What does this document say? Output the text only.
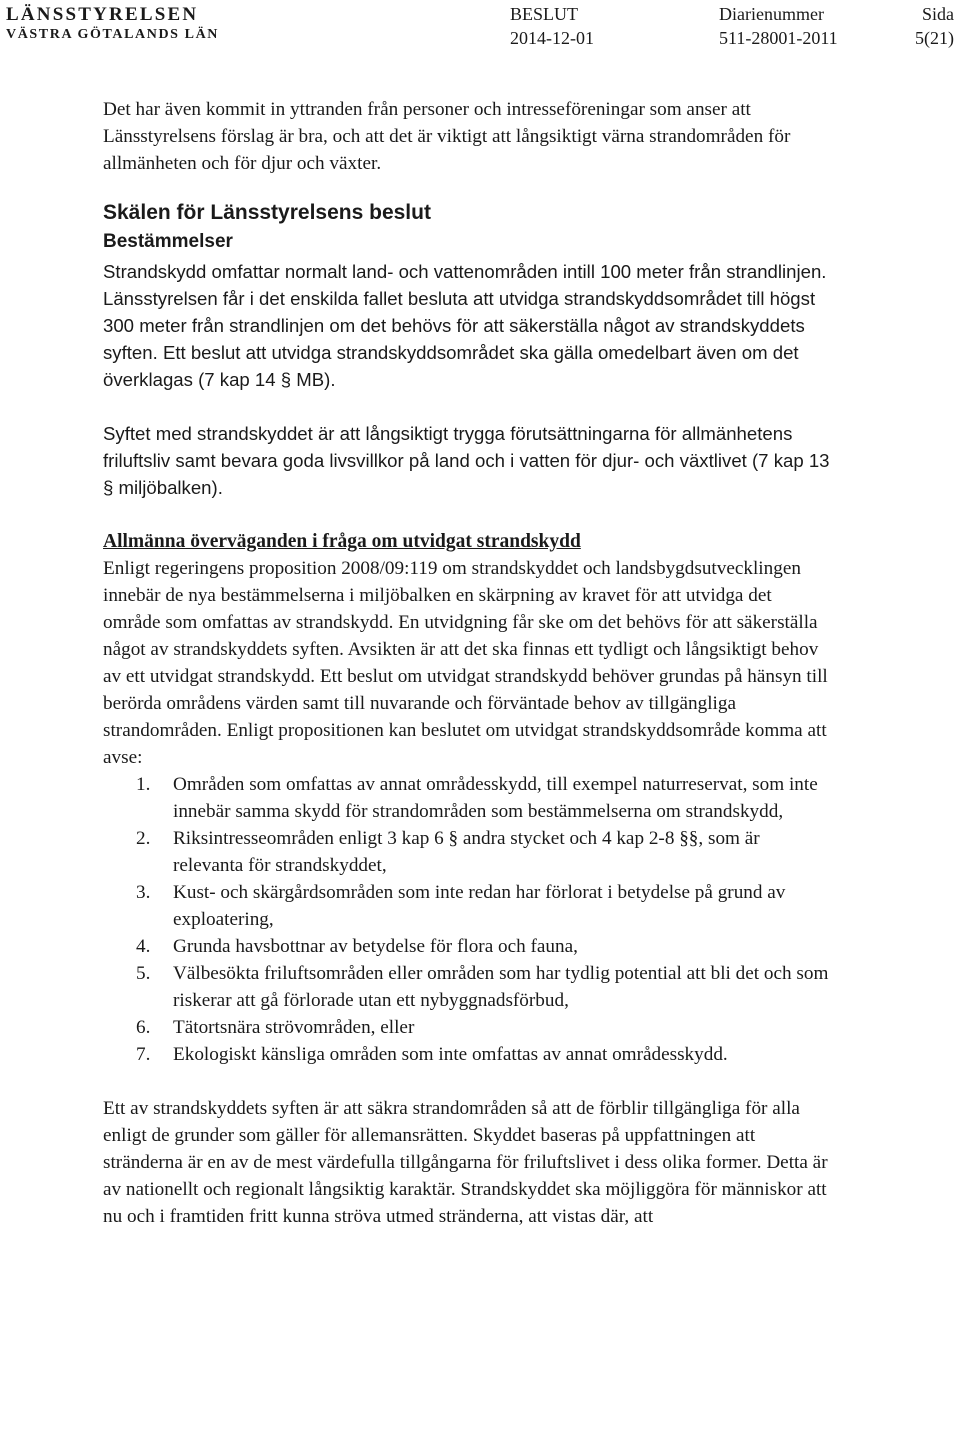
LÄNSSTYRELSEN
VÄSTRA GÖTALANDS LÄN
BESLUT
2014-12-01
Diarienummer
511-28001-2011
Sida
5(21)

Det har även kommit in yttranden från personer och intresseföreningar som anser att Länsstyrelsens förslag är bra, och att det är viktigt att långsiktigt värna strandområden för allmänheten och för djur och växter.

Skälen för Länsstyrelsens beslut
Bestämmelser

Strandskydd omfattar normalt land- och vattenområden intill 100 meter från strandlinjen. Länsstyrelsen får i det enskilda fallet besluta att utvidga strandskyddsområdet till högst 300 meter från strandlinjen om det behövs för att säkerställa något av strandskyddets syften. Ett beslut att utvidga strandskyddsområdet ska gälla omedelbart även om det överklagas (7 kap 14 § MB).

Syftet med strandskyddet är att långsiktigt trygga förutsättningarna för allmänhetens friluftsliv samt bevara goda livsvillkor på land och i vatten för djur- och växtlivet (7 kap 13 § miljöbalken).

Allmänna överväganden i fråga om utvidgat strandskydd

Enligt regeringens proposition 2008/09:119 om strandskyddet och landsbygdsutvecklingen innebär de nya bestämmelserna i miljöbalken en skärpning av kravet för att utvidga det område som omfattas av strandskydd. En utvidgning får ske om det behövs för att säkerställa något av strandskyddets syften. Avsikten är att det ska finnas ett tydligt och långsiktigt behov av ett utvidgat strandskydd. Ett beslut om utvidgat strandskydd behöver grundas på hänsyn till berörda områdens värden samt till nuvarande och förväntade behov av tillgängliga strandområden. Enligt propositionen kan beslutet om utvidgat strandskyddsområde komma att avse:

1. Områden som omfattas av annat områdesskydd, till exempel naturreservat, som inte innebär samma skydd för strandområden som bestämmelserna om strandskydd,
2. Riksintresseområden enligt 3 kap 6 § andra stycket och 4 kap 2-8 §§, som är relevanta för strandskyddet,
3. Kust- och skärgårdsområden som inte redan har förlorat i betydelse på grund av exploatering,
4. Grunda havsbottnar av betydelse för flora och fauna,
5. Välbesökta friluftsområden eller områden som har tydlig potential att bli det och som riskerar att gå förlorade utan ett nybyggnadsförbud,
6. Tätortsnära strövområden, eller
7. Ekologiskt känsliga områden som inte omfattas av annat områdesskydd.

Ett av strandskyddets syften är att säkra strandområden så att de förblir tillgängliga för alla enligt de grunder som gäller för allemansrätten. Skyddet baseras på uppfattningen att stränderna är en av de mest värdefulla tillgångarna för friluftslivet i dess olika former. Detta är av nationellt och regionalt långsiktig karaktär. Strandskyddet ska möjliggöra för människor att nu och i framtiden fritt kunna ströva utmed stränderna, att vistas där, att
